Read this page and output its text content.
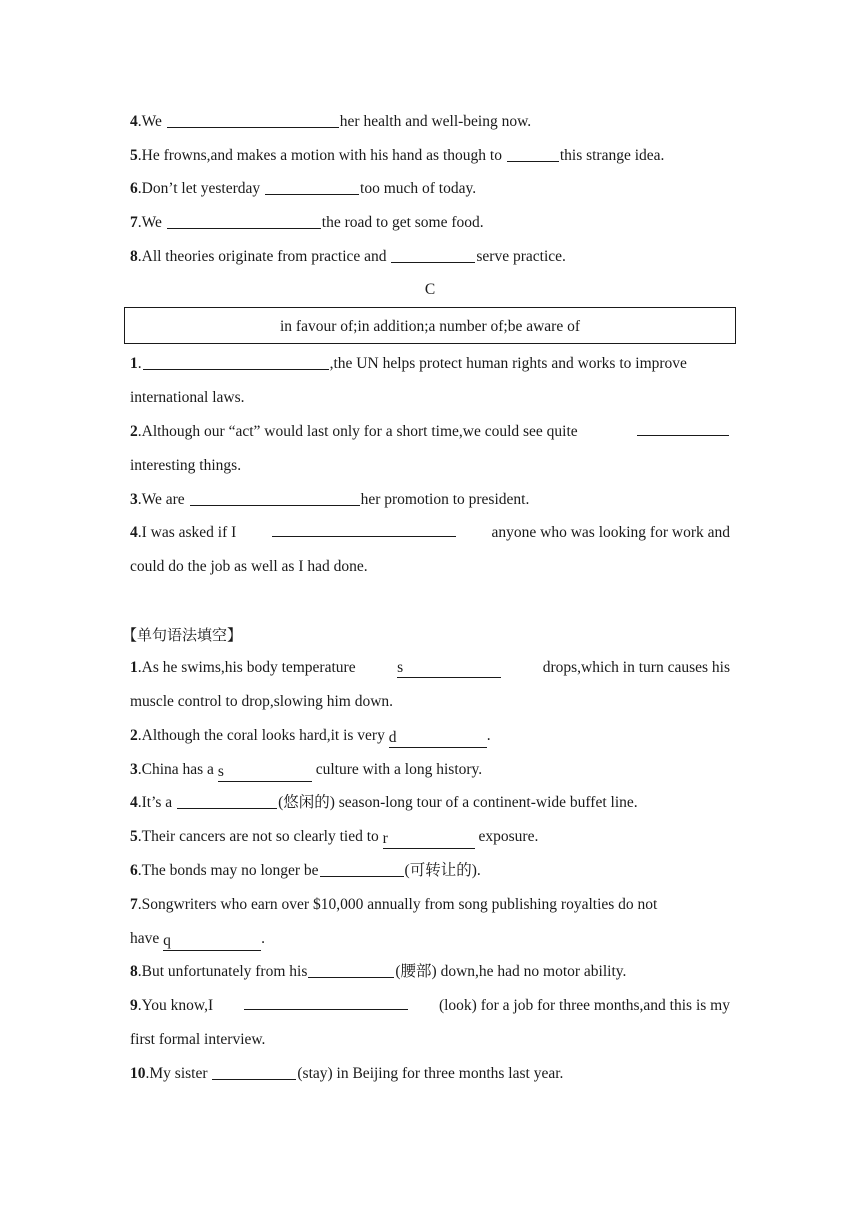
4.We	her health and well-being now.
5.He frowns,and makes a motion with his hand as though to	this strange idea.
6.Don’t let yesterday	too much of today.
7.We	the road to get some food.
8.All theories originate from practice and	serve practice.
C
in favour of;in addition;a number of;be aware of
1.	,the UN helps protect human rights and works to improve
international laws.
2.Although our “act” would last only for a short time,we could see quite
interesting things.
3.We are	her promotion to president.
4.I was asked if I	anyone who was looking for work and
could do the job as well as I had done.
【单句语法填空】
1.As he swims,his body temperature	s	drops,which in turn causes his
muscle control to drop,slowing him down.
2.Although the coral looks hard,it is very d	.
3.China has a s	culture with a long history.
4.It’s a	(悠闲的) season-long tour of a continent-wide buffet line.
5.Their cancers are not so clearly tied to r	exposure.
6.The bonds may no longer be	(可转让的).
7.Songwriters who earn over $10,000 annually from song publishing royalties do not
have q	.
8.But unfortunately from his	(腰部) down,he had no motor ability.
9.You know,I	(look) for a job for three months,and this is my
first formal interview.
10.My sister	(stay) in Beijing for three months last year.
